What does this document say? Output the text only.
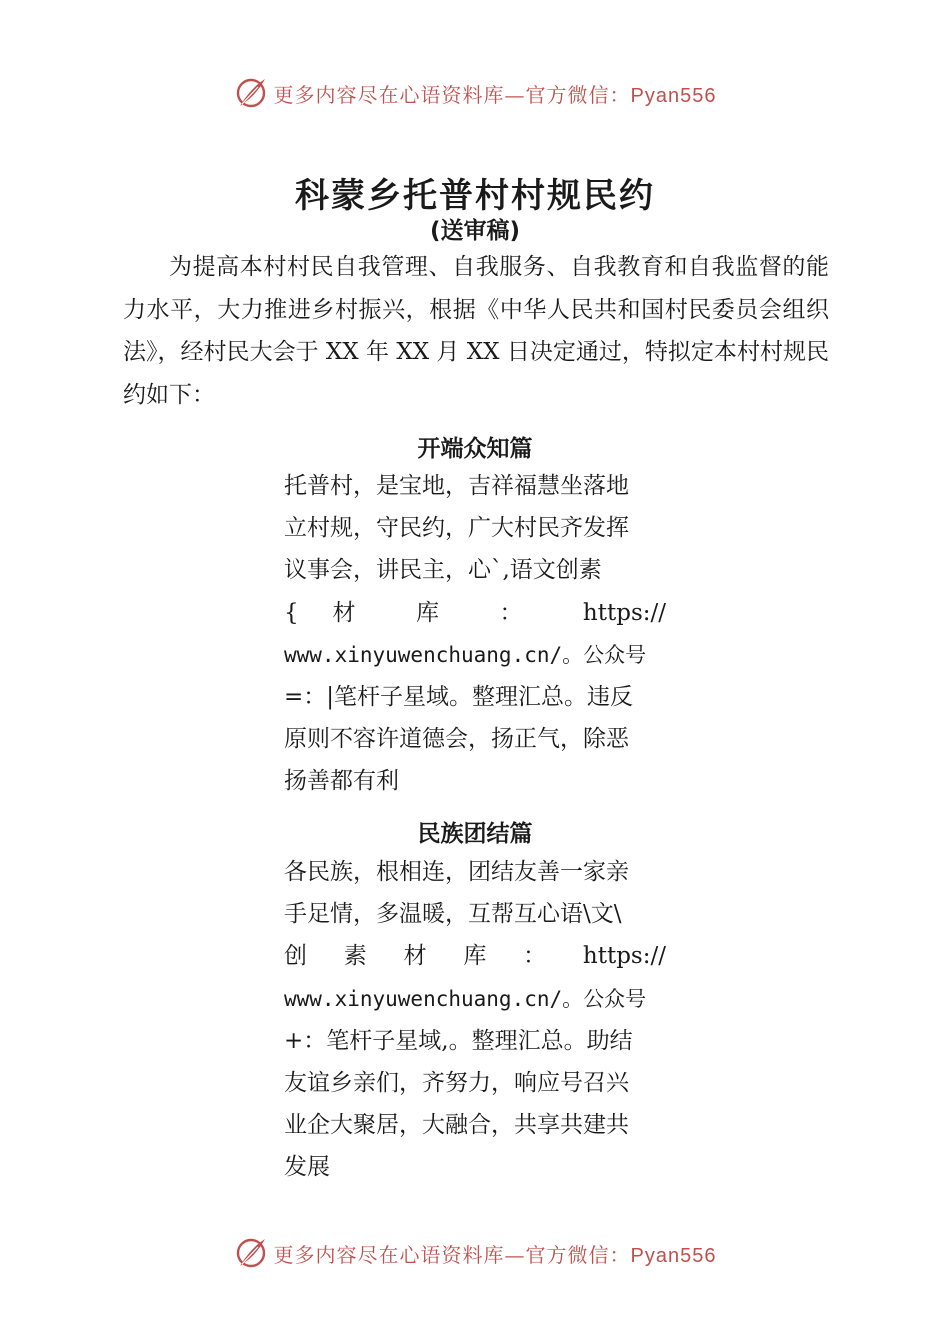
更多内容尽在心语资料库—官方微信：Pyan556
科蒙乡托普村村规民约
(送审稿)

为提高本村村民自我管理、自我服务、自我教育和自我监督的能力水平，大力推进乡村振兴，根据《中华人民共和国村民委员会组织法》，经村民大会于 XX 年 XX 月 XX 日决定通过，特拟定本村村规民约如下：

开端众知篇
托普村，是宝地，吉祥福慧坐落地
立村规，守民约，广大村民齐发挥
议事会，讲民主，心`,语文创素
{ 材 库 ： https://
www.xinyuwenchuang.cn/。公众号
=：|笔杆子星域。整理汇总。违反
原则不容许道德会，扬正气，除恶
扬善都有利
民族团结篇
各民族，根相连，团结友善一家亲
手足情，多温暖，互帮互心语\文\
创 素 材 库 ： https://
www.xinyuwenchuang.cn/。公众号
+：笔杆子星域,。整理汇总。助结
友谊乡亲们，齐努力，响应号召兴
业企大聚居，大融合，共享共建共
发展
更多内容尽在心语资料库—官方微信：Pyan556
